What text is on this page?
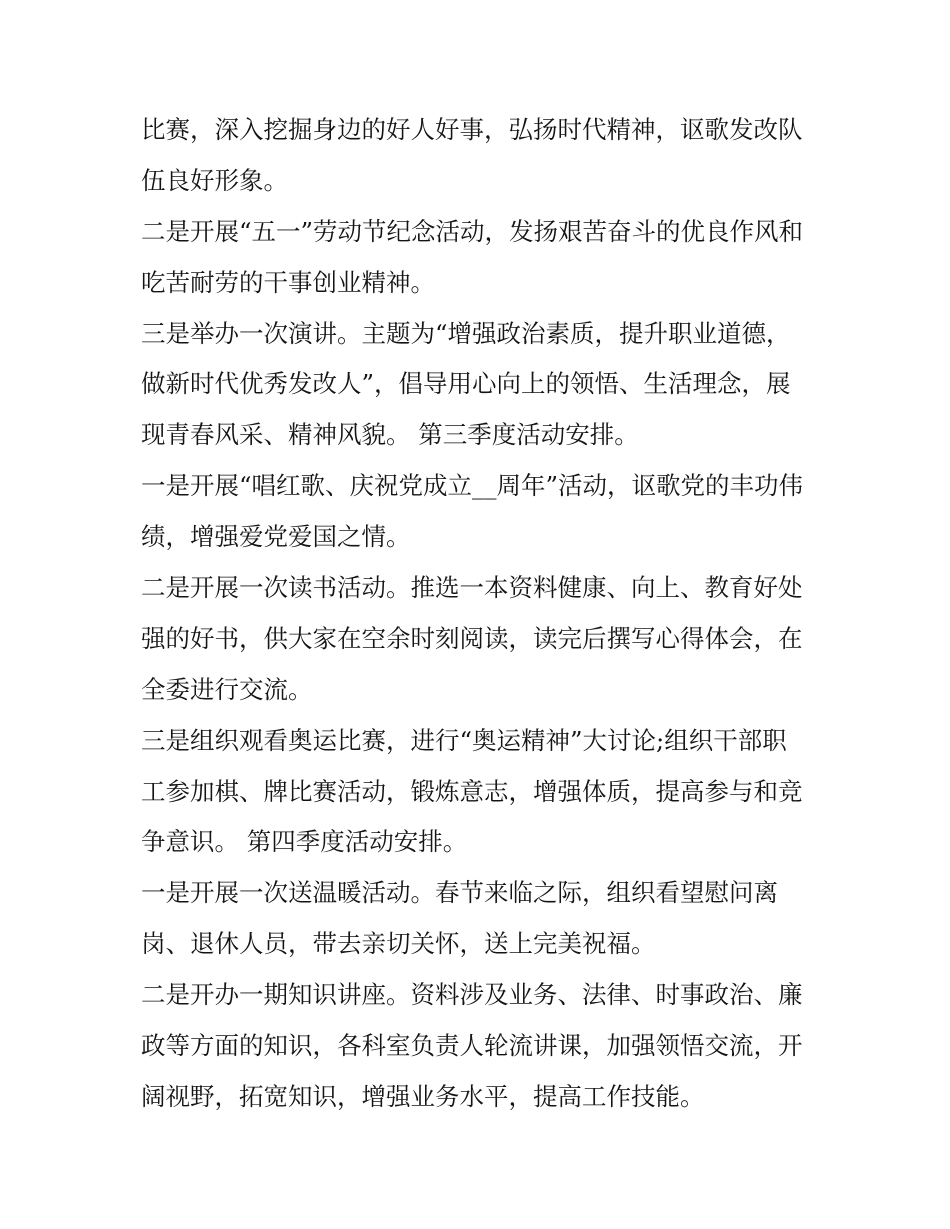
比赛，深入挖掘身边的好人好事，弘扬时代精神，讴歌发改队
伍良好形象。
二是开展“五一”劳动节纪念活动，发扬艰苦奋斗的优良作风和
吃苦耐劳的干事创业精神。
三是举办一次演讲。主题为“增强政治素质，提升职业道德，
做新时代优秀发改人”，倡导用心向上的领悟、生活理念，展
现青春风采、精神风貌。 第三季度活动安排。
一是开展“唱红歌、庆祝党成立__周年”活动，讴歌党的丰功伟
绩，增强爱党爱国之情。
二是开展一次读书活动。推选一本资料健康、向上、教育好处
强的好书，供大家在空余时刻阅读，读完后撰写心得体会，在
全委进行交流。
三是组织观看奥运比赛，进行“奥运精神”大讨论;组织干部职
工参加棋、牌比赛活动，锻炼意志，增强体质，提高参与和竞
争意识。 第四季度活动安排。
一是开展一次送温暖活动。春节来临之际，组织看望慰问离
岗、退休人员，带去亲切关怀，送上完美祝福。
二是开办一期知识讲座。资料涉及业务、法律、时事政治、廉
政等方面的知识，各科室负责人轮流讲课，加强领悟交流，开
阔视野，拓宽知识，增强业务水平，提高工作技能。
